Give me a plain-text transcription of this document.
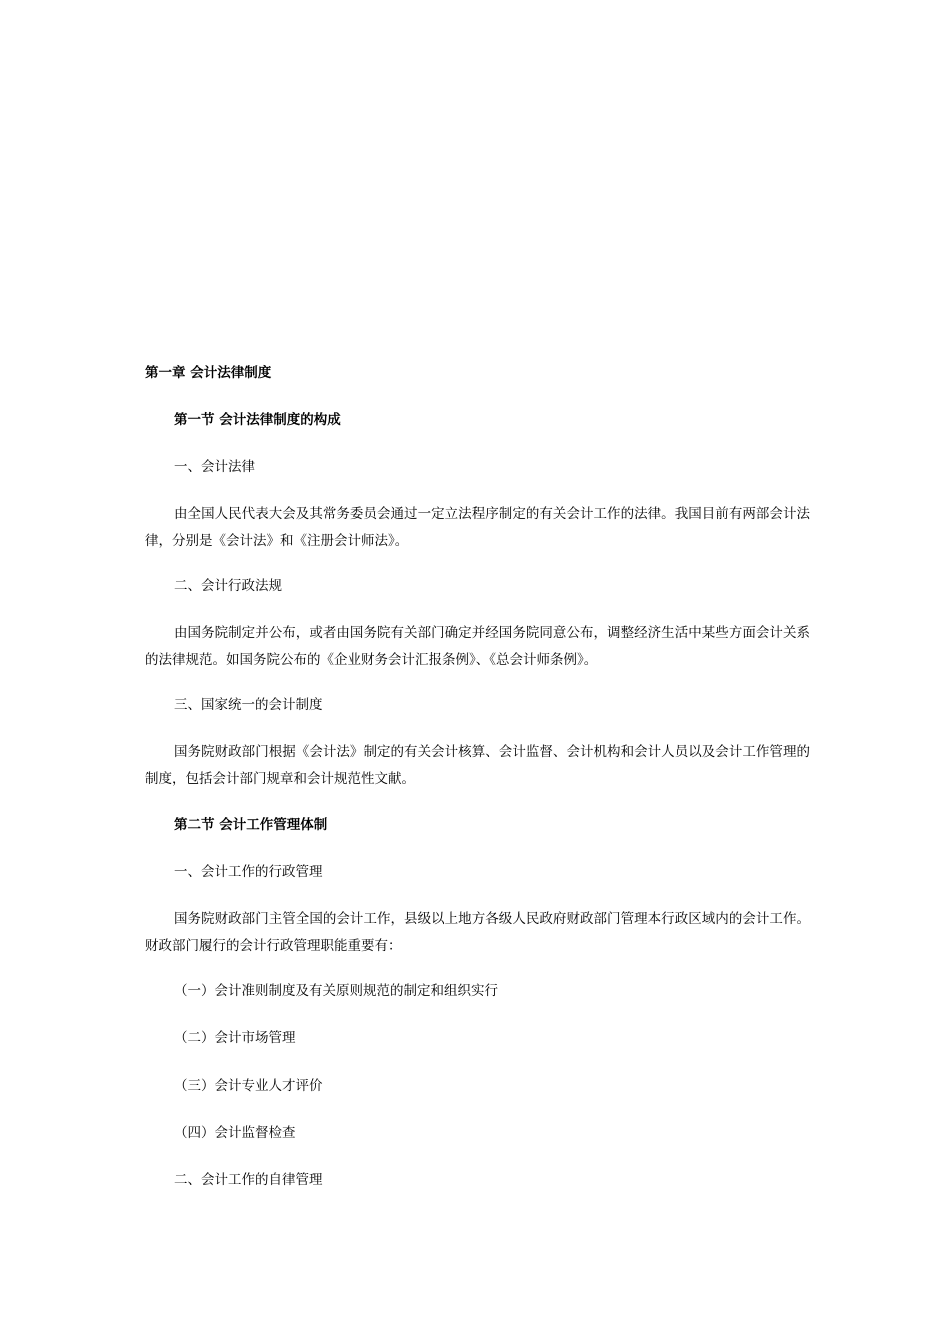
第一章 会计法律制度
第一节 会计法律制度的构成
一、会计法律
由全国人民代表大会及其常务委员会通过一定立法程序制定的有关会计工作的法律。我国目前有两部会计法律，分别是《会计法》和《注册会计师法》。
二、会计行政法规
由国务院制定并公布，或者由国务院有关部门确定并经国务院同意公布，调整经济生活中某些方面会计关系的法律规范。如国务院公布的《企业财务会计汇报条例》、《总会计师条例》。
三、国家统一的会计制度
国务院财政部门根据《会计法》制定的有关会计核算、会计监督、会计机构和会计人员以及会计工作管理的制度，包括会计部门规章和会计规范性文献。
第二节 会计工作管理体制
一、会计工作的行政管理
国务院财政部门主管全国的会计工作，县级以上地方各级人民政府财政部门管理本行政区域内的会计工作。财政部门履行的会计行政管理职能重要有：
（一）会计准则制度及有关原则规范的制定和组织实行
（二）会计市场管理
（三）会计专业人才评价
（四）会计监督检查
二、会计工作的自律管理
